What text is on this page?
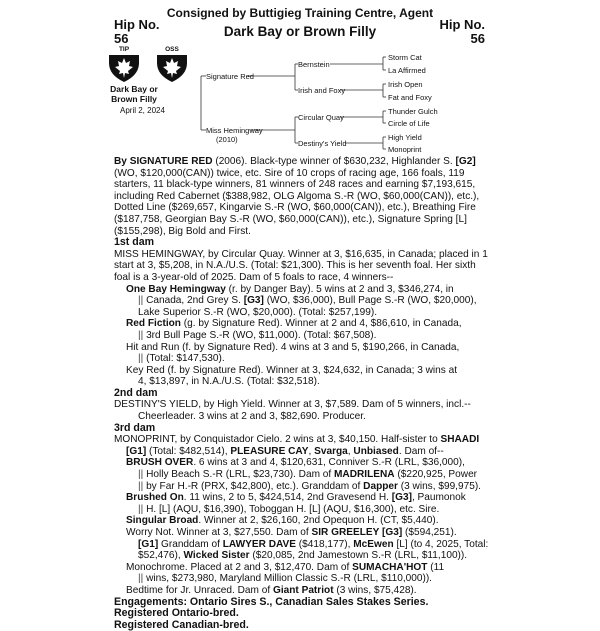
Consigned by Buttigieg Training Centre, Agent
Hip No.
56
Hip No.
56
Dark Bay or Brown Filly
TIP	OSS
Dark Bay or
Brown Filly
April 2, 2024
Signature Red
Miss Hemingway
(2010)
Bernstein
Irish and Foxy
Circular Quay
Destiny's Yield
Storm Cat
La Affirmed
Irish Open
Fat and Foxy
Thunder Gulch
Circle of Life
High Yield
Monoprint

By SIGNATURE RED (2006). Black-type winner of $630,232, Highlander S. [G2] (WO, $120,000(CAN)) twice, etc. Sire of 10 crops of racing age, 166 foals, 119 starters, 11 black-type winners, 81 winners of 248 races and earning $7,193,615, including Red Cabernet ($388,982, OLG Algoma S.-R (WO, $60,000(CAN)), etc.), Dotted Line ($269,657, Kingarvie S.-R (WO, $60,000(CAN)), etc.), Breathing Fire ($187,758, Georgian Bay S.-R (WO, $60,000(CAN)), etc.), Signature Spring [L] ($155,298), Big Bold and First.

1st dam

MISS HEMINGWAY, by Circular Quay. Winner at 3, $16,635, in Canada; placed in 1 start at 3, $5,208, in N.A./U.S. (Total: $21,300). This is her seventh foal. Her sixth foal is a 3-year-old of 2025. Dam of 5 foals to race, 4 winners--

One Bay Hemingway (r. by Danger Bay). 5 wins at 2 and 3, $346,274, in

|| Canada, 2nd Grey S. [G3] (WO, $36,000), Bull Page S.-R (WO, $20,000),

Lake Superior S.-R (WO, $20,000). (Total: $257,199).

Red Fiction (g. by Signature Red). Winner at 2 and 4, $86,610, in Canada,

|| 3rd Bull Page S.-R (WO, $11,000). (Total: $67,508).

Hit and Run (f. by Signature Red). 4 wins at 3 and 5, $190,266, in Canada,

|| (Total: $147,530).

Key Red (f. by Signature Red). Winner at 3, $24,632, in Canada; 3 wins at

4, $13,897, in N.A./U.S. (Total: $32,518).

2nd dam

DESTINY'S YIELD, by High Yield. Winner at 3, $7,589. Dam of 5 winners, incl.--

Cheerleader. 3 wins at 2 and 3, $82,690. Producer.

3rd dam

MONOPRINT, by Conquistador Cielo. 2 wins at 3, $40,150. Half-sister to SHAADI

[G1] (Total: $482,514), PLEASURE CAY, Svarga, Unbiased. Dam of--

BRUSH OVER. 6 wins at 3 and 4, $120,631, Conniver S.-R (LRL, $36,000),

|| Holly Beach S.-R (LRL, $23,730). Dam of MADRILENA ($220,925, Power

|| by Far H.-R (PRX, $42,800), etc.). Granddam of Dapper (3 wins, $99,975).

Brushed On. 11 wins, 2 to 5, $424,514, 2nd Gravesend H. [G3], Paumonok

|| H. [L] (AQU, $16,390), Toboggan H. [L] (AQU, $16,300), etc. Sire.

Singular Broad. Winner at 2, $26,160, 2nd Opequon H. (CT, $5,440).

Worry Not. Winner at 3, $27,550. Dam of SIR GREELEY [G3] ($594,251).

[G1] Granddam of LAWYER DAVE ($418,177), McEwen [L] (to 4, 2025, Total:

$52,476), Wicked Sister ($20,085, 2nd Jamestown S.-R (LRL, $11,100)).

Monochrome. Placed at 2 and 3, $12,470. Dam of SUMACHA'HOT (11

|| wins, $273,980, Maryland Million Classic S.-R (LRL, $110,000)).

Bedtime for Jr. Unraced. Dam of Giant Patriot (3 wins, $75,428).

Engagements: Ontario Sires S., Canadian Sales Stakes Series.

Registered Ontario-bred.

Registered Canadian-bred.
